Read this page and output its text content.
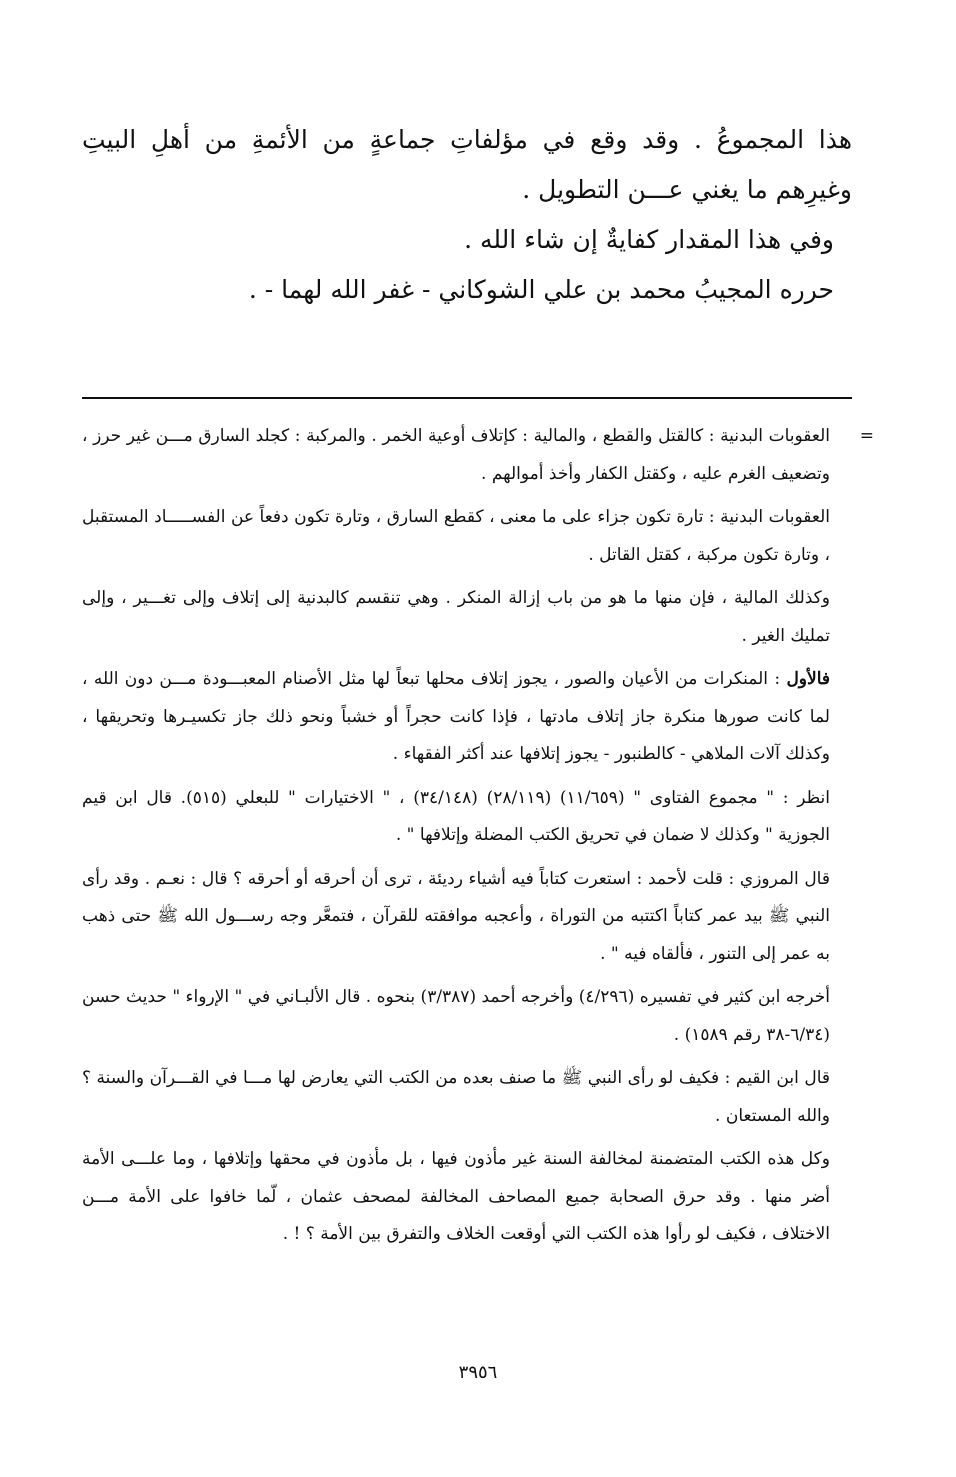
هذا المجموعُ . وقد وقع في مؤلفاتِ جماعةٍ من الأئمةِ من أهلِ البيتِ وغيرِهم ما يغني عـــن التطويل .

وفي هذا المقدار كفايةٌ إن شاء الله .

حرره المجيبُ محمد بن علي الشوكاني - غفر الله لهما - .

=
العقوبات البدنية : كالقتل والقطع ، والمالية : كإتلاف أوعية الخمر . والمركبة : كجلد السارق مـــن غير حرز ، وتضعيف الغرم عليه ، وكقتل الكفار وأخذ أموالهم .

العقوبات البدنية : تارة تكون جزاء على ما معنى ، كقطع السارق ، وتارة تكون دفعاً عن الفســـــاد المستقبل ، وتارة تكون مركبة ، كقتل القاتل .

وكذلك المالية ، فإن منها ما هو من باب إزالة المنكر . وهي تنقسم كالبدنية إلى إتلاف وإلى تغـــير ، وإلى تمليك الغير .

فالأول : المنكرات من الأعيان والصور ، يجوز إتلاف محلها تبعاً لها مثل الأصنام المعبـــودة مـــن دون الله ، لما كانت صورها منكرة جاز إتلاف مادتها ، فإذا كانت حجراً أو خشباً ونحو ذلك جاز تكسيـرها وتحريقها ، وكذلك آلات الملاهي - كالطنبور - يجوز إتلافها عند أكثر الفقهاء .

انظر : " مجموع الفتاوى " (١١/٦٥٩) (٢٨/١١٩) (٣٤/١٤٨) ، " الاختيارات " للبعلي (٥١٥). قال ابن قيم الجوزية " وكذلك لا ضمان في تحريق الكتب المضلة وإتلافها " .

قال المروزي : قلت لأحمد : استعرت كتاباً فيه أشياء رديئة ، ترى أن أحرقه أو أحرقه ؟ قال : نعـم . وقد رأى النبي ﷺ بيد عمر كتاباً اكتتبه من التوراة ، وأعجبه موافقته للقرآن ، فتمعَّر وجه رســـول الله ﷺ حتى ذهب به عمر إلى التنور ، فألقاه فيه " .

أخرجه ابن كثير في تفسيره (٤/٢٩٦) وأخرجه أحمد (٣/٣٨٧) بنحوه . قال الألبـاني في " الإرواء " حديث حسن (٦/٣٤-٣٨ رقم ١٥٨٩) .

قال ابن القيم : فكيف لو رأى النبي ﷺ ما صنف بعده من الكتب التي يعارض لها مـــا في القـــرآن والسنة ؟ والله المستعان .

وكل هذه الكتب المتضمنة لمخالفة السنة غير مأذون فيها ، بل مأذون في محقها وإتلافها ، وما علـــى الأمة أضر منها . وقد حرق الصحابة جميع المصاحف المخالفة لمصحف عثمان ، لّما خافوا على الأمة مـــن الاختلاف ، فكيف لو رأوا هذه الكتب التي أوقعت الخلاف والتفرق بين الأمة ؟ ! .

٣٩٥٦
